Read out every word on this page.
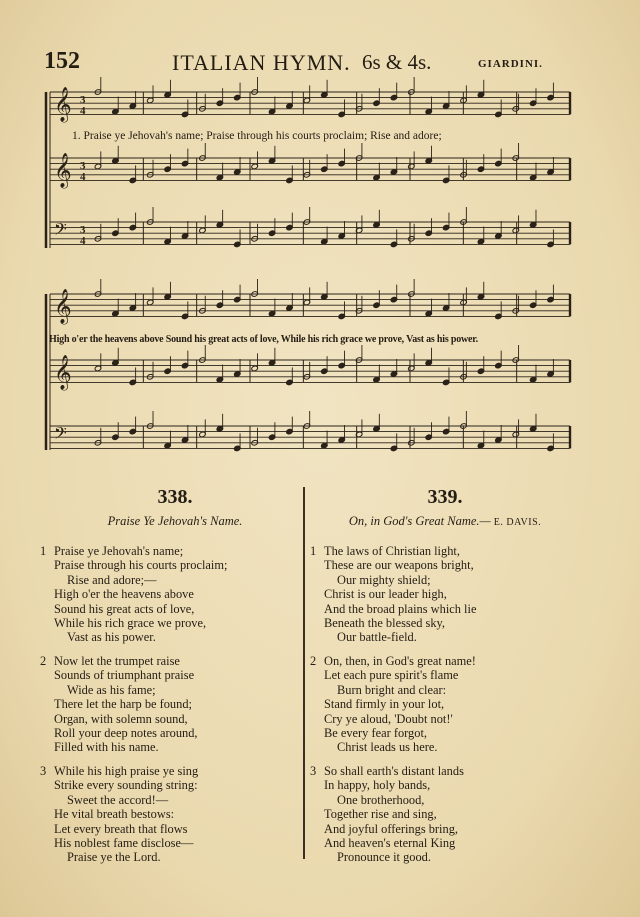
152	ITALIAN HYMN. 6s & 4s.	GIARDINI.
𝄞 3
4
𝄞 3
4
𝄢 3
4
𝄞
𝄞
𝄢
1. Praise ye Jehovah's name; Praise through his courts proclaim; Rise and adore;
High o'er the heavens above Sound his great acts of love, While his rich grace we prove, Vast as his power.
338.
Praise Ye Jehovah's Name.
1 Praise ye Jehovah's name;
Praise through his courts proclaim;
Rise and adore;—
High o'er the heavens above
Sound his great acts of love,
While his rich grace we prove,
Vast as his power.
2 Now let the trumpet raise
Sounds of triumphant praise
Wide as his fame;
There let the harp be found;
Organ, with solemn sound,
Roll your deep notes around,
Filled with his name.
3 While his high praise ye sing
Strike every sounding string:
Sweet the accord!—
He vital breath bestows:
Let every breath that flows
His noblest fame disclose—
Praise ye the Lord.
339.
On, in God's Great Name.— E. DAVIS.
1 The laws of Christian light,
These are our weapons bright,
Our mighty shield;
Christ is our leader high,
And the broad plains which lie
Beneath the blessed sky,
Our battle-field.
2 On, then, in God's great name!
Let each pure spirit's flame
Burn bright and clear:
Stand firmly in your lot,
Cry ye aloud, 'Doubt not!'
Be every fear forgot,
Christ leads us here.
3 So shall earth's distant lands
In happy, holy bands,
One brotherhood,
Together rise and sing,
And joyful offerings bring,
And heaven's eternal King
Pronounce it good.
